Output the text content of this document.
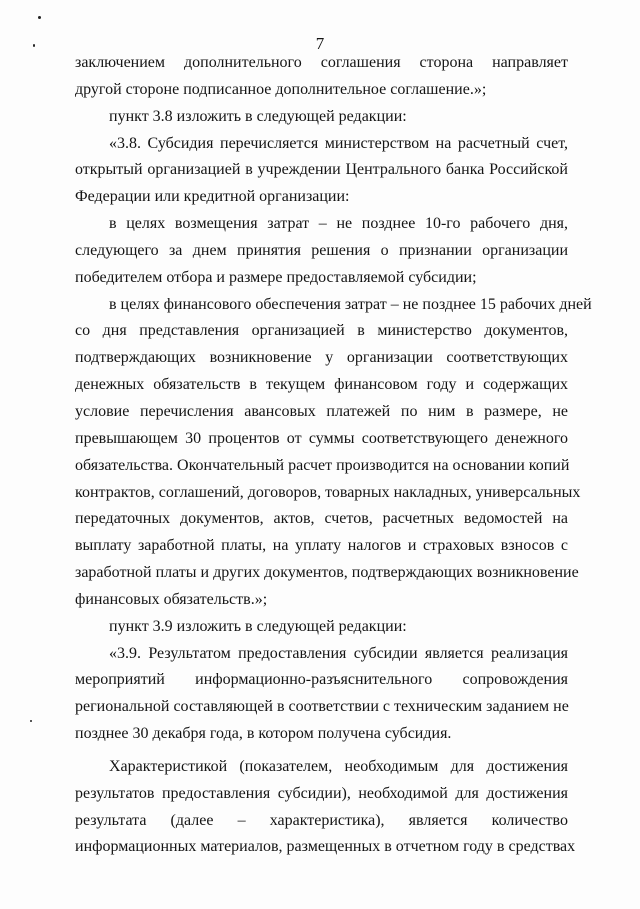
7
заключением дополнительного соглашения сторона направляет
другой стороне подписанное дополнительное соглашение.»;
пункт 3.8 изложить в следующей редакции:
«3.8. Субсидия перечисляется министерством на расчетный счет,
открытый организацией в учреждении Центрального банка Российской
Федерации или кредитной организации:
в целях возмещения затрат – не позднее 10-го рабочего дня,
следующего за днем принятия решения о признании организации
победителем отбора и размере предоставляемой субсидии;
в целях финансового обеспечения затрат – не позднее 15 рабочих дней
со дня представления организацией в министерство документов,
подтверждающих возникновение у организации соответствующих
денежных обязательств в текущем финансовом году и содержащих
условие перечисления авансовых платежей по ним в размере, не
превышающем 30 процентов от суммы соответствующего денежного
обязательства. Окончательный расчет производится на основании копий
контрактов, соглашений, договоров, товарных накладных, универсальных
передаточных документов, актов, счетов, расчетных ведомостей на
выплату заработной платы, на уплату налогов и страховых взносов с
заработной платы и других документов, подтверждающих возникновение
финансовых обязательств.»;
пункт 3.9 изложить в следующей редакции:
«3.9. Результатом предоставления субсидии является реализация
мероприятий информационно-разъяснительного сопровождения
региональной составляющей в соответствии с техническим заданием не
позднее 30 декабря года, в котором получена субсидия.
Характеристикой (показателем, необходимым для достижения
результатов предоставления субсидии), необходимой для достижения
результата (далее – характеристика), является количество
информационных материалов, размещенных в отчетном году в средствах
